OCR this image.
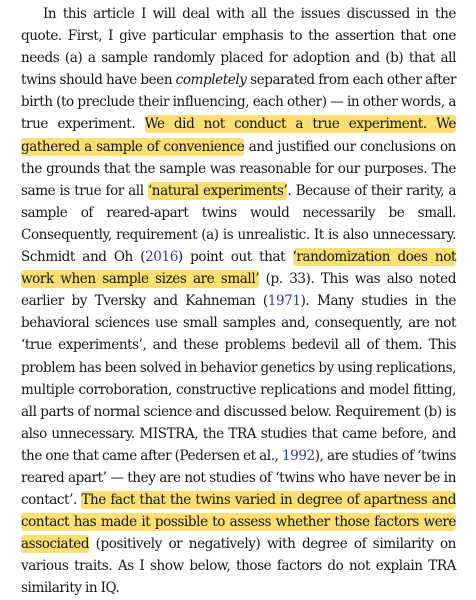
In this article I will deal with all the issues discussed in the quote. First, I give particular emphasis to the assertion that one needs (a) a sample randomly placed for adoption and (b) that all twins should have been completely separated from each other after birth (to preclude their influencing, each other) — in other words, a true experiment. We did not conduct a true experiment. We gathered a sample of convenience and justified our conclusions on the grounds that the sample was reasonable for our purposes. The same is true for all ‘natural experiments’. Because of their rarity, a sample of reared-apart twins would necessarily be small. Consequently, requirement (a) is unrealistic. It is also unnecessary. Schmidt and Oh (2016) point out that ‘randomization does not work when sample sizes are small’ (p. 33). This was also noted earlier by Tversky and Kahneman (1971). Many studies in the behavioral sciences use small samples and, consequently, are not ‘true experiments’, and these problems bedevil all of them. This problem has been solved in behavior genetics by using replications, multiple corroboration, constructive replications and model fitting, all parts of normal science and discussed below. Requirement (b) is also unnecessary. MISTRA, the TRA studies that came before, and the one that came after (Pedersen et al., 1992), are studies of ‘twins reared apart’ — they are not studies of ‘twins who have never be in contact’. The fact that the twins varied in degree of apartness and contact has made it possible to assess whether those factors were associated (positively or negatively) with degree of similarity on various traits. As I show below, those factors do not explain TRA similarity in IQ.
